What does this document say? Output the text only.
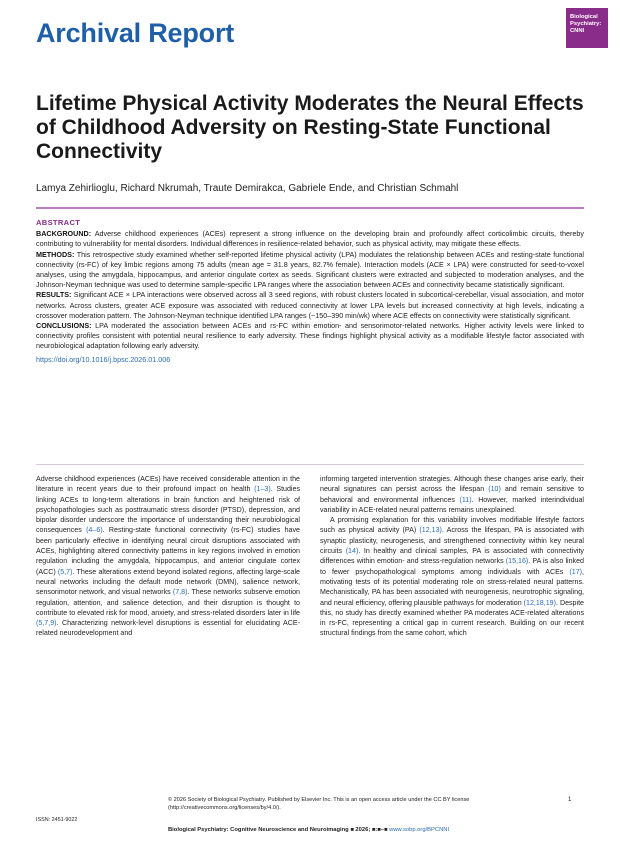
Archival Report
Biological
Psychiatry:
CNNI
Lifetime Physical Activity Moderates the Neural Effects of Childhood Adversity on Resting-State Functional Connectivity
Lamya Zehirlioglu, Richard Nkrumah, Traute Demirakca, Gabriele Ende, and Christian Schmahl
ABSTRACT

BACKGROUND: Adverse childhood experiences (ACEs) represent a strong influence on the developing brain and profoundly affect corticolimbic circuits, thereby contributing to vulnerability for mental disorders. Individual differences in resilience-related behavior, such as physical activity, may mitigate these effects.

METHODS: This retrospective study examined whether self-reported lifetime physical activity (LPA) modulates the relationship between ACEs and resting-state functional connectivity (rs-FC) of key limbic regions among 75 adults (mean age = 31.8 years, 82.7% female). Interaction models (ACE × LPA) were constructed for seed-to-voxel analyses, using the amygdala, hippocampus, and anterior cingulate cortex as seeds. Significant clusters were extracted and subjected to moderation analyses, and the Johnson-Neyman technique was used to determine sample-specific LPA ranges where the association between ACEs and connectivity became statistically significant.

RESULTS: Significant ACE × LPA interactions were observed across all 3 seed regions, with robust clusters located in subcortical-cerebellar, visual association, and motor networks. Across clusters, greater ACE exposure was associated with reduced connectivity at lower LPA levels but increased connectivity at high levels, indicating a crossover moderation pattern. The Johnson-Neyman technique identified LPA ranges (~150–390 min/wk) where ACE effects on connectivity were statistically significant.

CONCLUSIONS: LPA moderated the association between ACEs and rs-FC within emotion- and sensorimotor-related networks. Higher activity levels were linked to connectivity profiles consistent with potential neural resilience to early adversity. These findings highlight physical activity as a modifiable lifestyle factor associated with neurobiological adaptation following early adversity.

https://doi.org/10.1016/j.bpsc.2026.01.006

Adverse childhood experiences (ACEs) have received considerable attention in the literature in recent years due to their profound impact on health (1–3). Studies linking ACEs to long-term alterations in brain function and heightened risk of psychopathologies such as posttraumatic stress disorder (PTSD), depression, and bipolar disorder underscore the importance of understanding their neurobiological consequences (4–6). Resting-state functional connectivity (rs-FC) studies have been particularly effective in identifying neural circuit disruptions associated with ACEs, highlighting altered connectivity patterns in key regions involved in emotion regulation including the amygdala, hippocampus, and anterior cingulate cortex (ACC) (5,7). These alterations extend beyond isolated regions, affecting large-scale neural networks including the default mode network (DMN), salience network, sensorimotor network, and visual networks (7,8). These networks subserve emotion regulation, attention, and salience detection, and their disruption is thought to contribute to elevated risk for mood, anxiety, and stress-related disorders later in life (5,7,9). Characterizing network-level disruptions is essential for elucidating ACE-related neurodevelopment and

informing targeted intervention strategies. Although these changes arise early, their neural signatures can persist across the lifespan (10) and remain sensitive to behavioral and environmental influences (11). However, marked interindividual variability in ACE-related neural patterns remains unexplained.

A promising explanation for this variability involves modifiable lifestyle factors such as physical activity (PA) (12,13). Across the lifespan, PA is associated with synaptic plasticity, neurogenesis, and strengthened connectivity within key neural circuits (14). In healthy and clinical samples, PA is associated with connectivity differences within emotion- and stress-regulation networks (15,16). PA is also linked to fewer psychopathological symptoms among individuals with ACEs (17), motivating tests of its potential moderating role on stress-related neural patterns. Mechanistically, PA has been associated with neurogenesis, neurotrophic signaling, and neural efficiency, offering plausible pathways for moderation (12,18,19). Despite this, no study has directly examined whether PA moderates ACE-related alterations in rs-FC, representing a critical gap in current research. Building on our recent structural findings from the same cohort, which

© 2026 Society of Biological Psychiatry. Published by Elsevier Inc. This is an open access article under the CC BY license (http://creativecommons.org/licenses/by/4.0/).
1
ISSN: 2451-9022
Biological Psychiatry: Cognitive Neuroscience and Neuroimaging ■ 2026; ■:■–■ www.sobp.org/BPCNNI
